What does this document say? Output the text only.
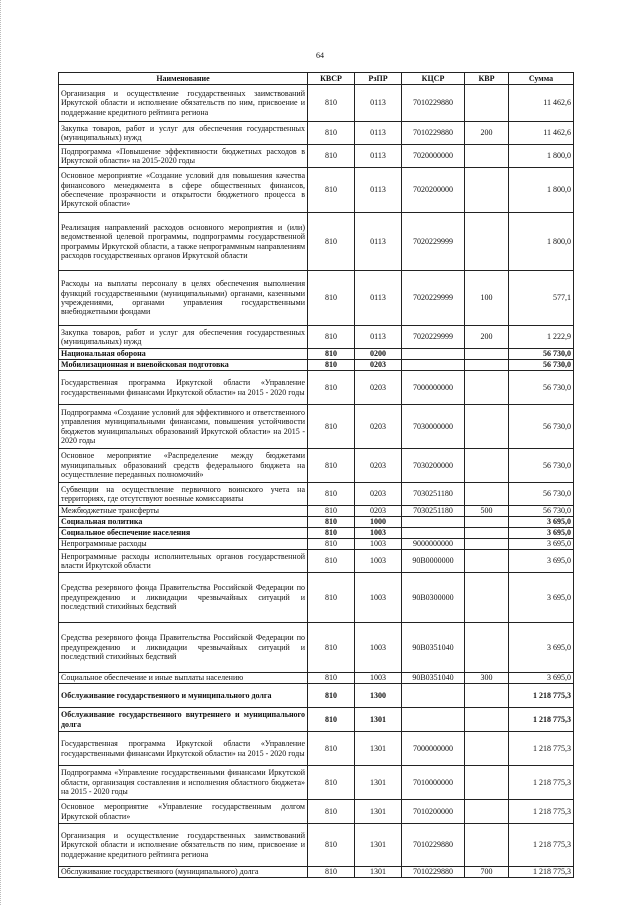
64
Наименование	КВСР	РзПР	КЦСР	КВР	Сумма
Организация и осуществление государственных заимствований Иркутской области и исполнение обязательств по ним, присвоение и поддержание кредитного рейтинга региона	810	0113	7010229880		11 462,6
Закупка товаров, работ и услуг для обеспечения государственных (муниципальных) нужд	810	0113	7010229880	200	11 462,6
Подпрограмма «Повышение эффективности бюджетных расходов в Иркутской области» на 2015-2020 годы	810	0113	7020000000		1 800,0
Основное мероприятие «Создание условий для повышения качества финансового менеджмента в сфере общественных финансов, обеспечение прозрачности и открытости бюджетного процесса в Иркутской области»	810	0113	7020200000		1 800,0
Реализация направлений расходов основного мероприятия и (или) ведомственной целевой программы, подпрограммы государственной программы Иркутской области, а также непрограммным направлениям расходов государственных органов Иркутской области	810	0113	7020229999		1 800,0
Расходы на выплаты персоналу в целях обеспечения выполнения функций государственными (муниципальными) органами, казенными учреждениями, органами управления государственными внебюджетными фондами	810	0113	7020229999	100	577,1
Закупка товаров, работ и услуг для обеспечения государственных (муниципальных) нужд	810	0113	7020229999	200	1 222,9
Национальная оборона	810	0200			56 730,0
Мобилизационная и вневойсковая подготовка	810	0203			56 730,0
Государственная программа Иркутской области «Управление государственными финансами Иркутской области» на 2015 - 2020 годы	810	0203	7000000000		56 730,0
Подпрограмма «Создание условий для эффективного и ответственного управления муниципальными финансами, повышения устойчивости бюджетов муниципальных образований Иркутской области» на 2015 - 2020 годы	810	0203	7030000000		56 730,0
Основное мероприятие «Распределение между бюджетами муниципальных образований средств федерального бюджета на осуществление переданных полномочий»	810	0203	7030200000		56 730,0
Субвенции на осуществление первичного воинского учета на территориях, где отсутствуют военные комиссариаты	810	0203	7030251180		56 730,0
Межбюджетные трансферты	810	0203	7030251180	500	56 730,0
Социальная политика	810	1000			3 695,0
Социальное обеспечение населения	810	1003			3 695,0
Непрограммные расходы	810	1003	9000000000		3 695,0
Непрограммные расходы исполнительных органов государственной власти Иркутской области	810	1003	90В0000000		3 695,0
Средства резервного фонда Правительства Российской Федерации по предупреждению и ликвидации чрезвычайных ситуаций и последствий стихийных бедствий	810	1003	90В0300000		3 695,0
Средства резервного фонда Правительства Российской Федерации по предупреждению и ликвидации чрезвычайных ситуаций и последствий стихийных бедствий	810	1003	90В0351040		3 695,0
Социальное обеспечение и иные выплаты населению	810	1003	90В0351040	300	3 695,0
Обслуживание государственного и муниципального долга	810	1300			1 218 775,3
Обслуживание государственного внутреннего и муниципального долга	810	1301			1 218 775,3
Государственная программа Иркутской области «Управление государственными финансами Иркутской области» на 2015 - 2020 годы	810	1301	7000000000		1 218 775,3
Подпрограмма «Управление государственными финансами Иркутской области, организация составления и исполнения областного бюджета» на 2015 - 2020 годы	810	1301	7010000000		1 218 775,3
Основное мероприятие «Управление государственным долгом Иркутской области»	810	1301	7010200000		1 218 775,3
Организация и осуществление государственных заимствований Иркутской области и исполнение обязательств по ним, присвоение и поддержание кредитного рейтинга региона	810	1301	7010229880		1 218 775,3
Обслуживание государственного (муниципального) долга	810	1301	7010229880	700	1 218 775,3
